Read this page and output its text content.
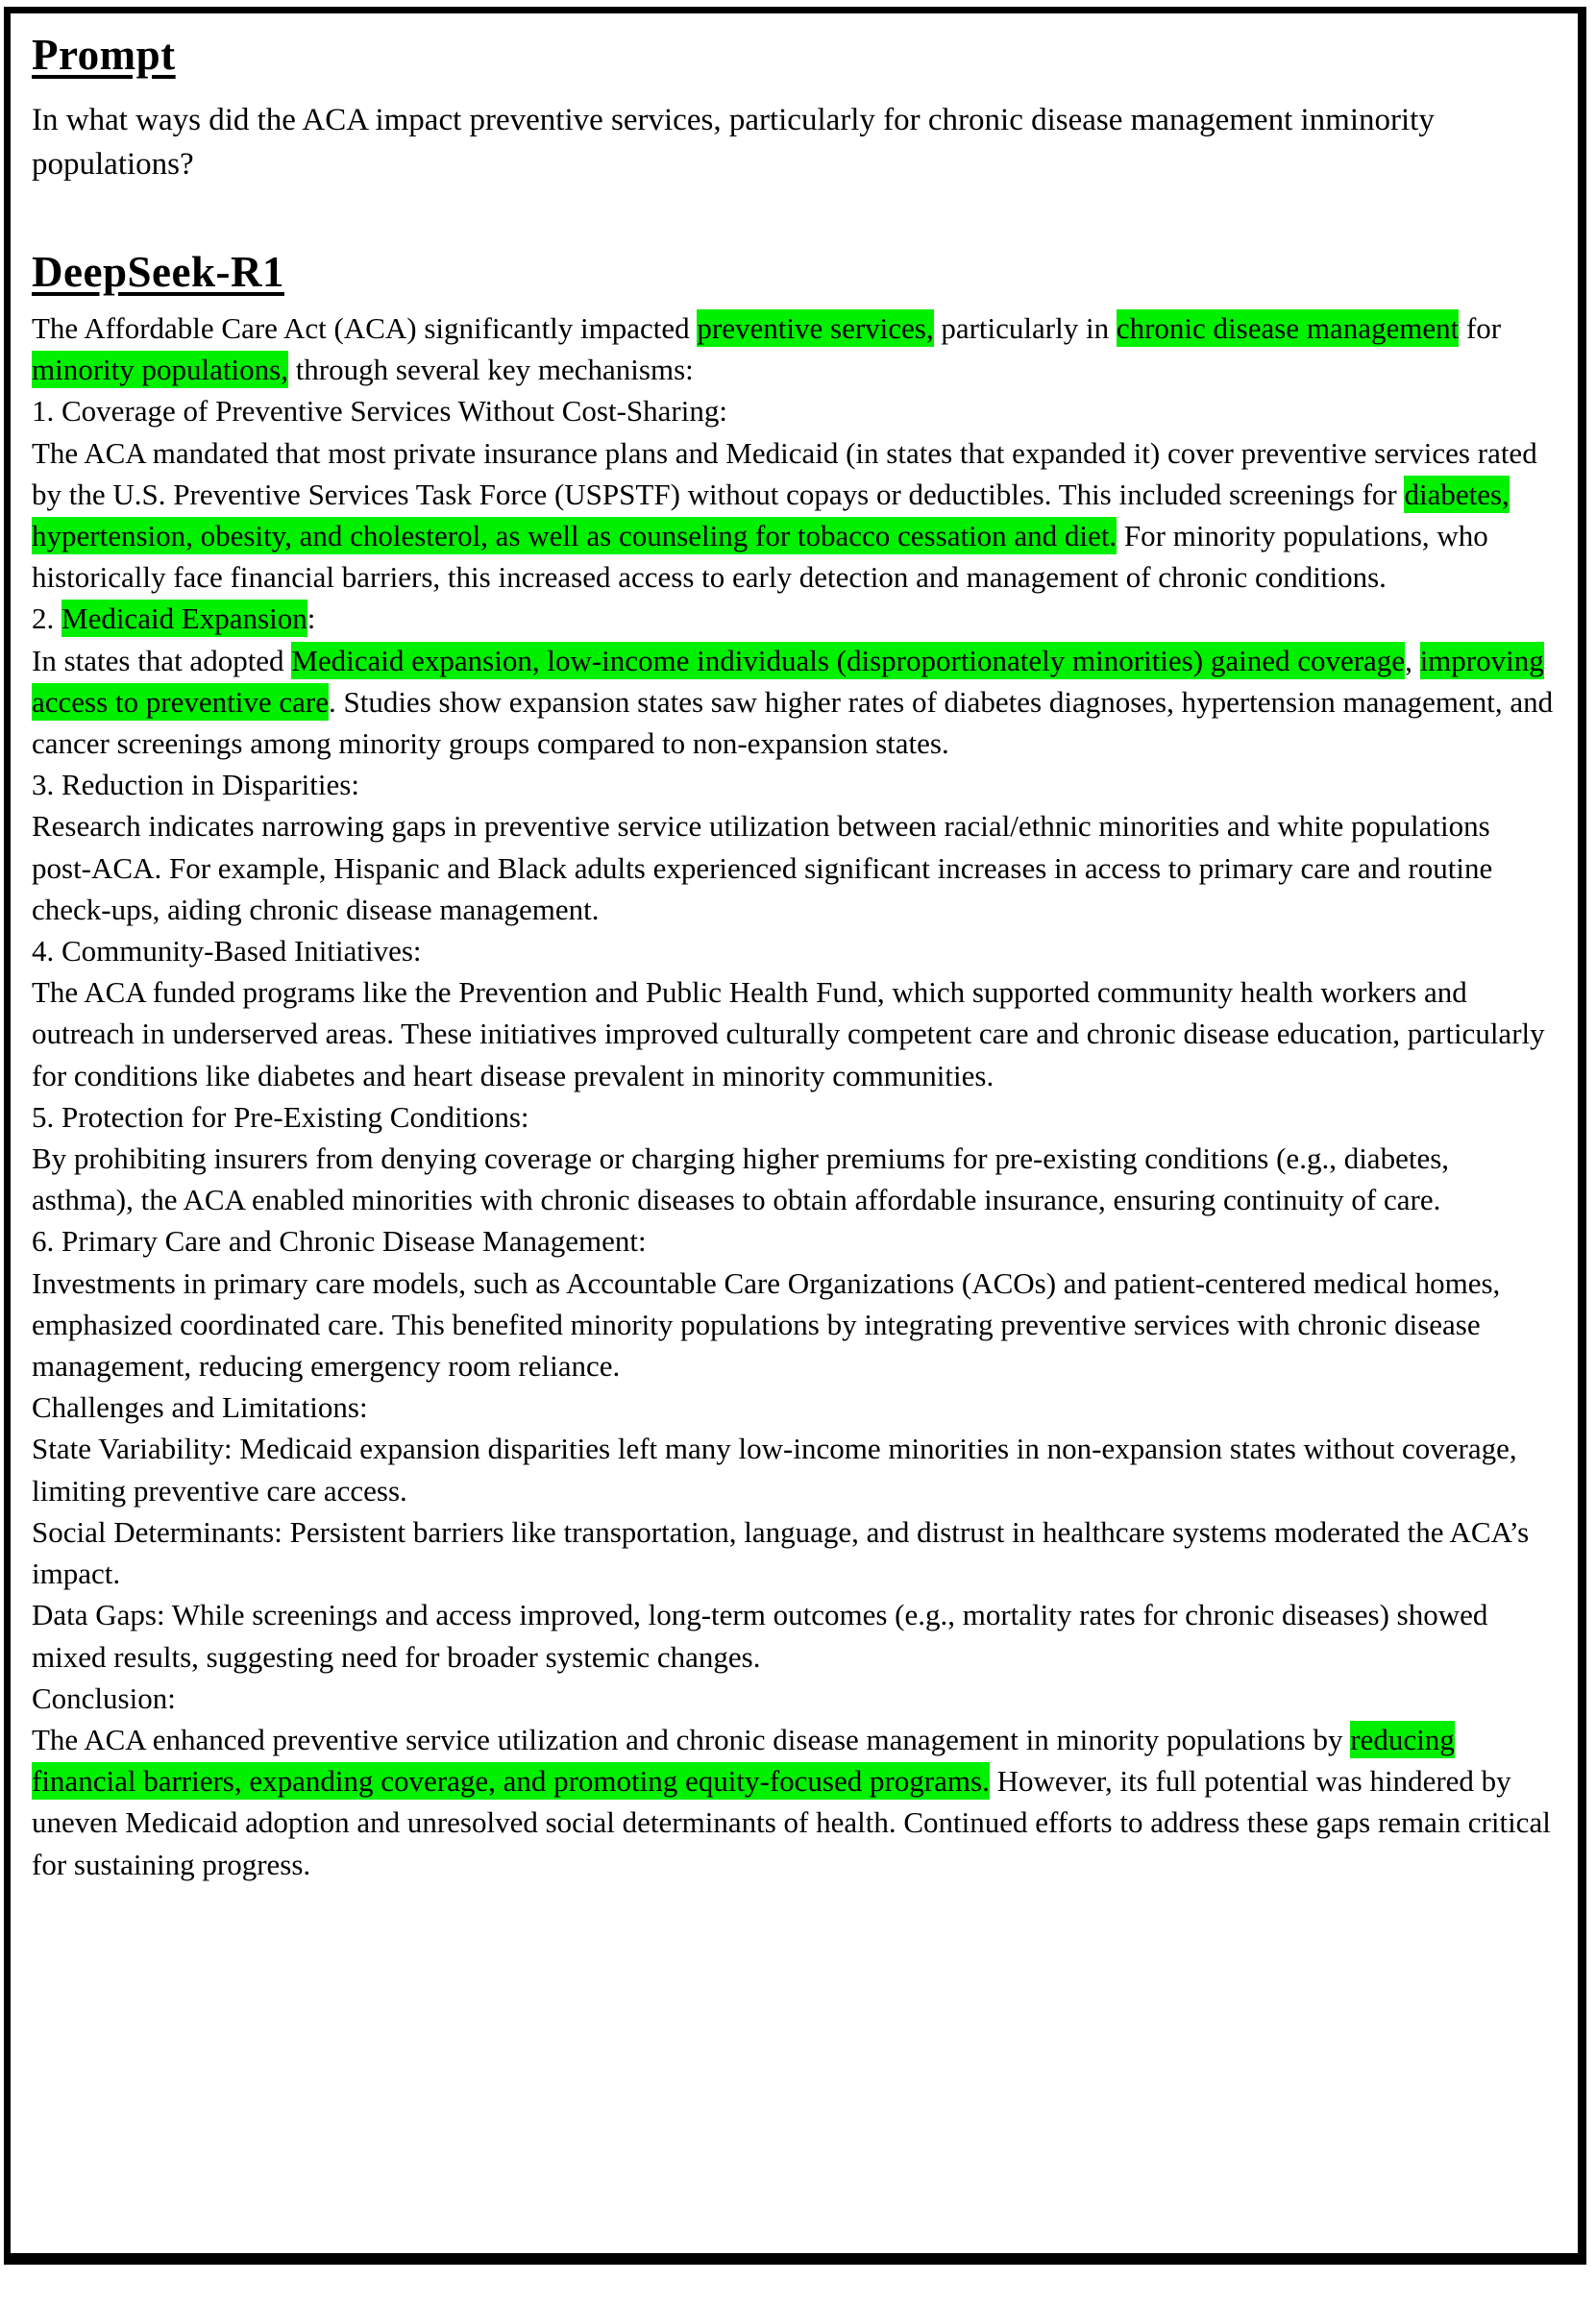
Prompt

In what ways did the ACA impact preventive services, particularly for chronic disease management inminority populations?

DeepSeek-R1
The Affordable Care Act (ACA) significantly impacted preventive services, particularly in chronic disease management for minority populations, through several key mechanisms:
1. Coverage of Preventive Services Without Cost-Sharing:
The ACA mandated that most private insurance plans and Medicaid (in states that expanded it) cover preventive services rated by the U.S. Preventive Services Task Force (USPSTF) without copays or deductibles. This included screenings for diabetes, hypertension, obesity, and cholesterol, as well as counseling for tobacco cessation and diet. For minority populations, who historically face financial barriers, this increased access to early detection and management of chronic conditions.
2. Medicaid Expansion:
In states that adopted Medicaid expansion, low-income individuals (disproportionately minorities) gained coverage, improving access to preventive care. Studies show expansion states saw higher rates of diabetes diagnoses, hypertension management, and cancer screenings among minority groups compared to non-expansion states.
3. Reduction in Disparities:
Research indicates narrowing gaps in preventive service utilization between racial/ethnic minorities and white populations post-ACA. For example, Hispanic and Black adults experienced significant increases in access to primary care and routine check-ups, aiding chronic disease management.
4. Community-Based Initiatives:
The ACA funded programs like the Prevention and Public Health Fund, which supported community health workers and outreach in underserved areas. These initiatives improved culturally competent care and chronic disease education, particularly for conditions like diabetes and heart disease prevalent in minority communities.
5. Protection for Pre-Existing Conditions:
By prohibiting insurers from denying coverage or charging higher premiums for pre-existing conditions (e.g., diabetes, asthma), the ACA enabled minorities with chronic diseases to obtain affordable insurance, ensuring continuity of care.
6. Primary Care and Chronic Disease Management:
Investments in primary care models, such as Accountable Care Organizations (ACOs) and patient-centered medical homes, emphasized coordinated care. This benefited minority populations by integrating preventive services with chronic disease management, reducing emergency room reliance.
Challenges and Limitations:
State Variability: Medicaid expansion disparities left many low-income minorities in non-expansion states without coverage, limiting preventive care access.
Social Determinants: Persistent barriers like transportation, language, and distrust in healthcare systems moderated the ACA’s impact.
Data Gaps: While screenings and access improved, long-term outcomes (e.g., mortality rates for chronic diseases) showed mixed results, suggesting need for broader systemic changes.
Conclusion:
The ACA enhanced preventive service utilization and chronic disease management in minority populations by reducing financial barriers, expanding coverage, and promoting equity-focused programs. However, its full potential was hindered by uneven Medicaid adoption and unresolved social determinants of health. Continued efforts to address these gaps remain critical for sustaining progress.
